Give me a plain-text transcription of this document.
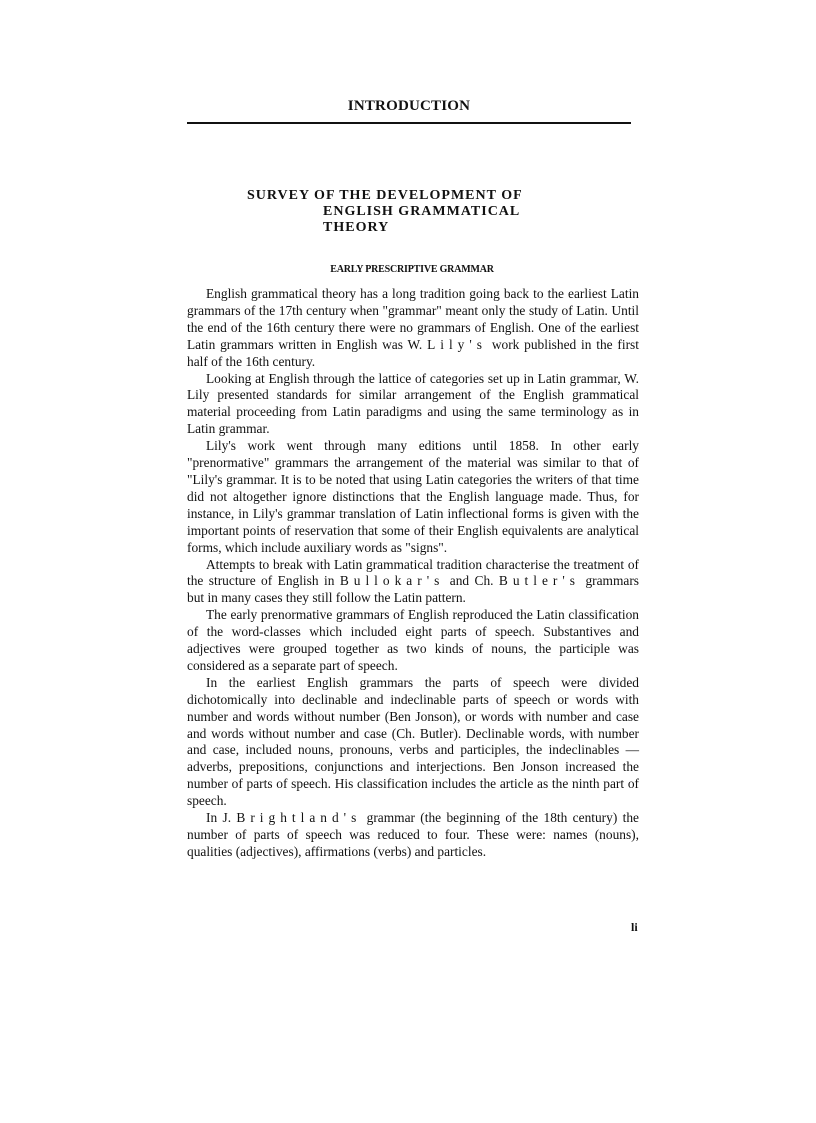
INTRODUCTION
SURVEY OF THE DEVELOPMENT OF
ENGLISH GRAMMATICAL
THEORY
EARLY PRESCRIPTIVE GRAMMAR

English grammatical theory has a long tradition going back to the earliest Latin grammars of the 17th century when "grammar" meant only the study of Latin. Until the end of the 16th century there were no grammars of English. One of the earliest Latin grammars written in English was W. Lily's work published in the first half of the 16th century.

Looking at English through the lattice of categories set up in Latin grammar, W. Lily presented standards for similar arrangement of the English grammatical material proceeding from Latin paradigms and using the same terminology as in Latin grammar.

Lily's work went through many editions until 1858. In other early "prenormative" grammars the arrangement of the material was similar to that of "Lily's grammar. It is to be noted that using Latin categories the writers of that time did not altogether ignore distinctions that the English language made. Thus, for instance, in Lily's grammar translation of Latin inflectional forms is given with the important points of reservation that some of their English equivalents are analytical forms, which include auxiliary words as "signs".

Attempts to break with Latin grammatical tradition characterise the treatment of the structure of English in Bullokar's and Ch. Butler's grammars but in many cases they still follow the Latin pattern.

The early prenormative grammars of English reproduced the Latin classification of the word-classes which included eight parts of speech. Substantives and adjectives were grouped together as two kinds of nouns, the participle was considered as a separate part of speech.

In the earliest English grammars the parts of speech were divided dichotomically into declinable and indeclinable parts of speech or words with number and words without number (Ben Jonson), or words with number and case and words without number and case (Ch. Butler). Declinable words, with number and case, included nouns, pronouns, verbs and participles, the indeclinables — adverbs, prepositions, conjunctions and interjections. Ben Jonson increased the number of parts of speech. His classification includes the article as the ninth part of speech.

In J. Brightland's grammar (the beginning of the 18th century) the number of parts of speech was reduced to four. These were: names (nouns), qualities (adjectives), affirmations (verbs) and particles.

li
